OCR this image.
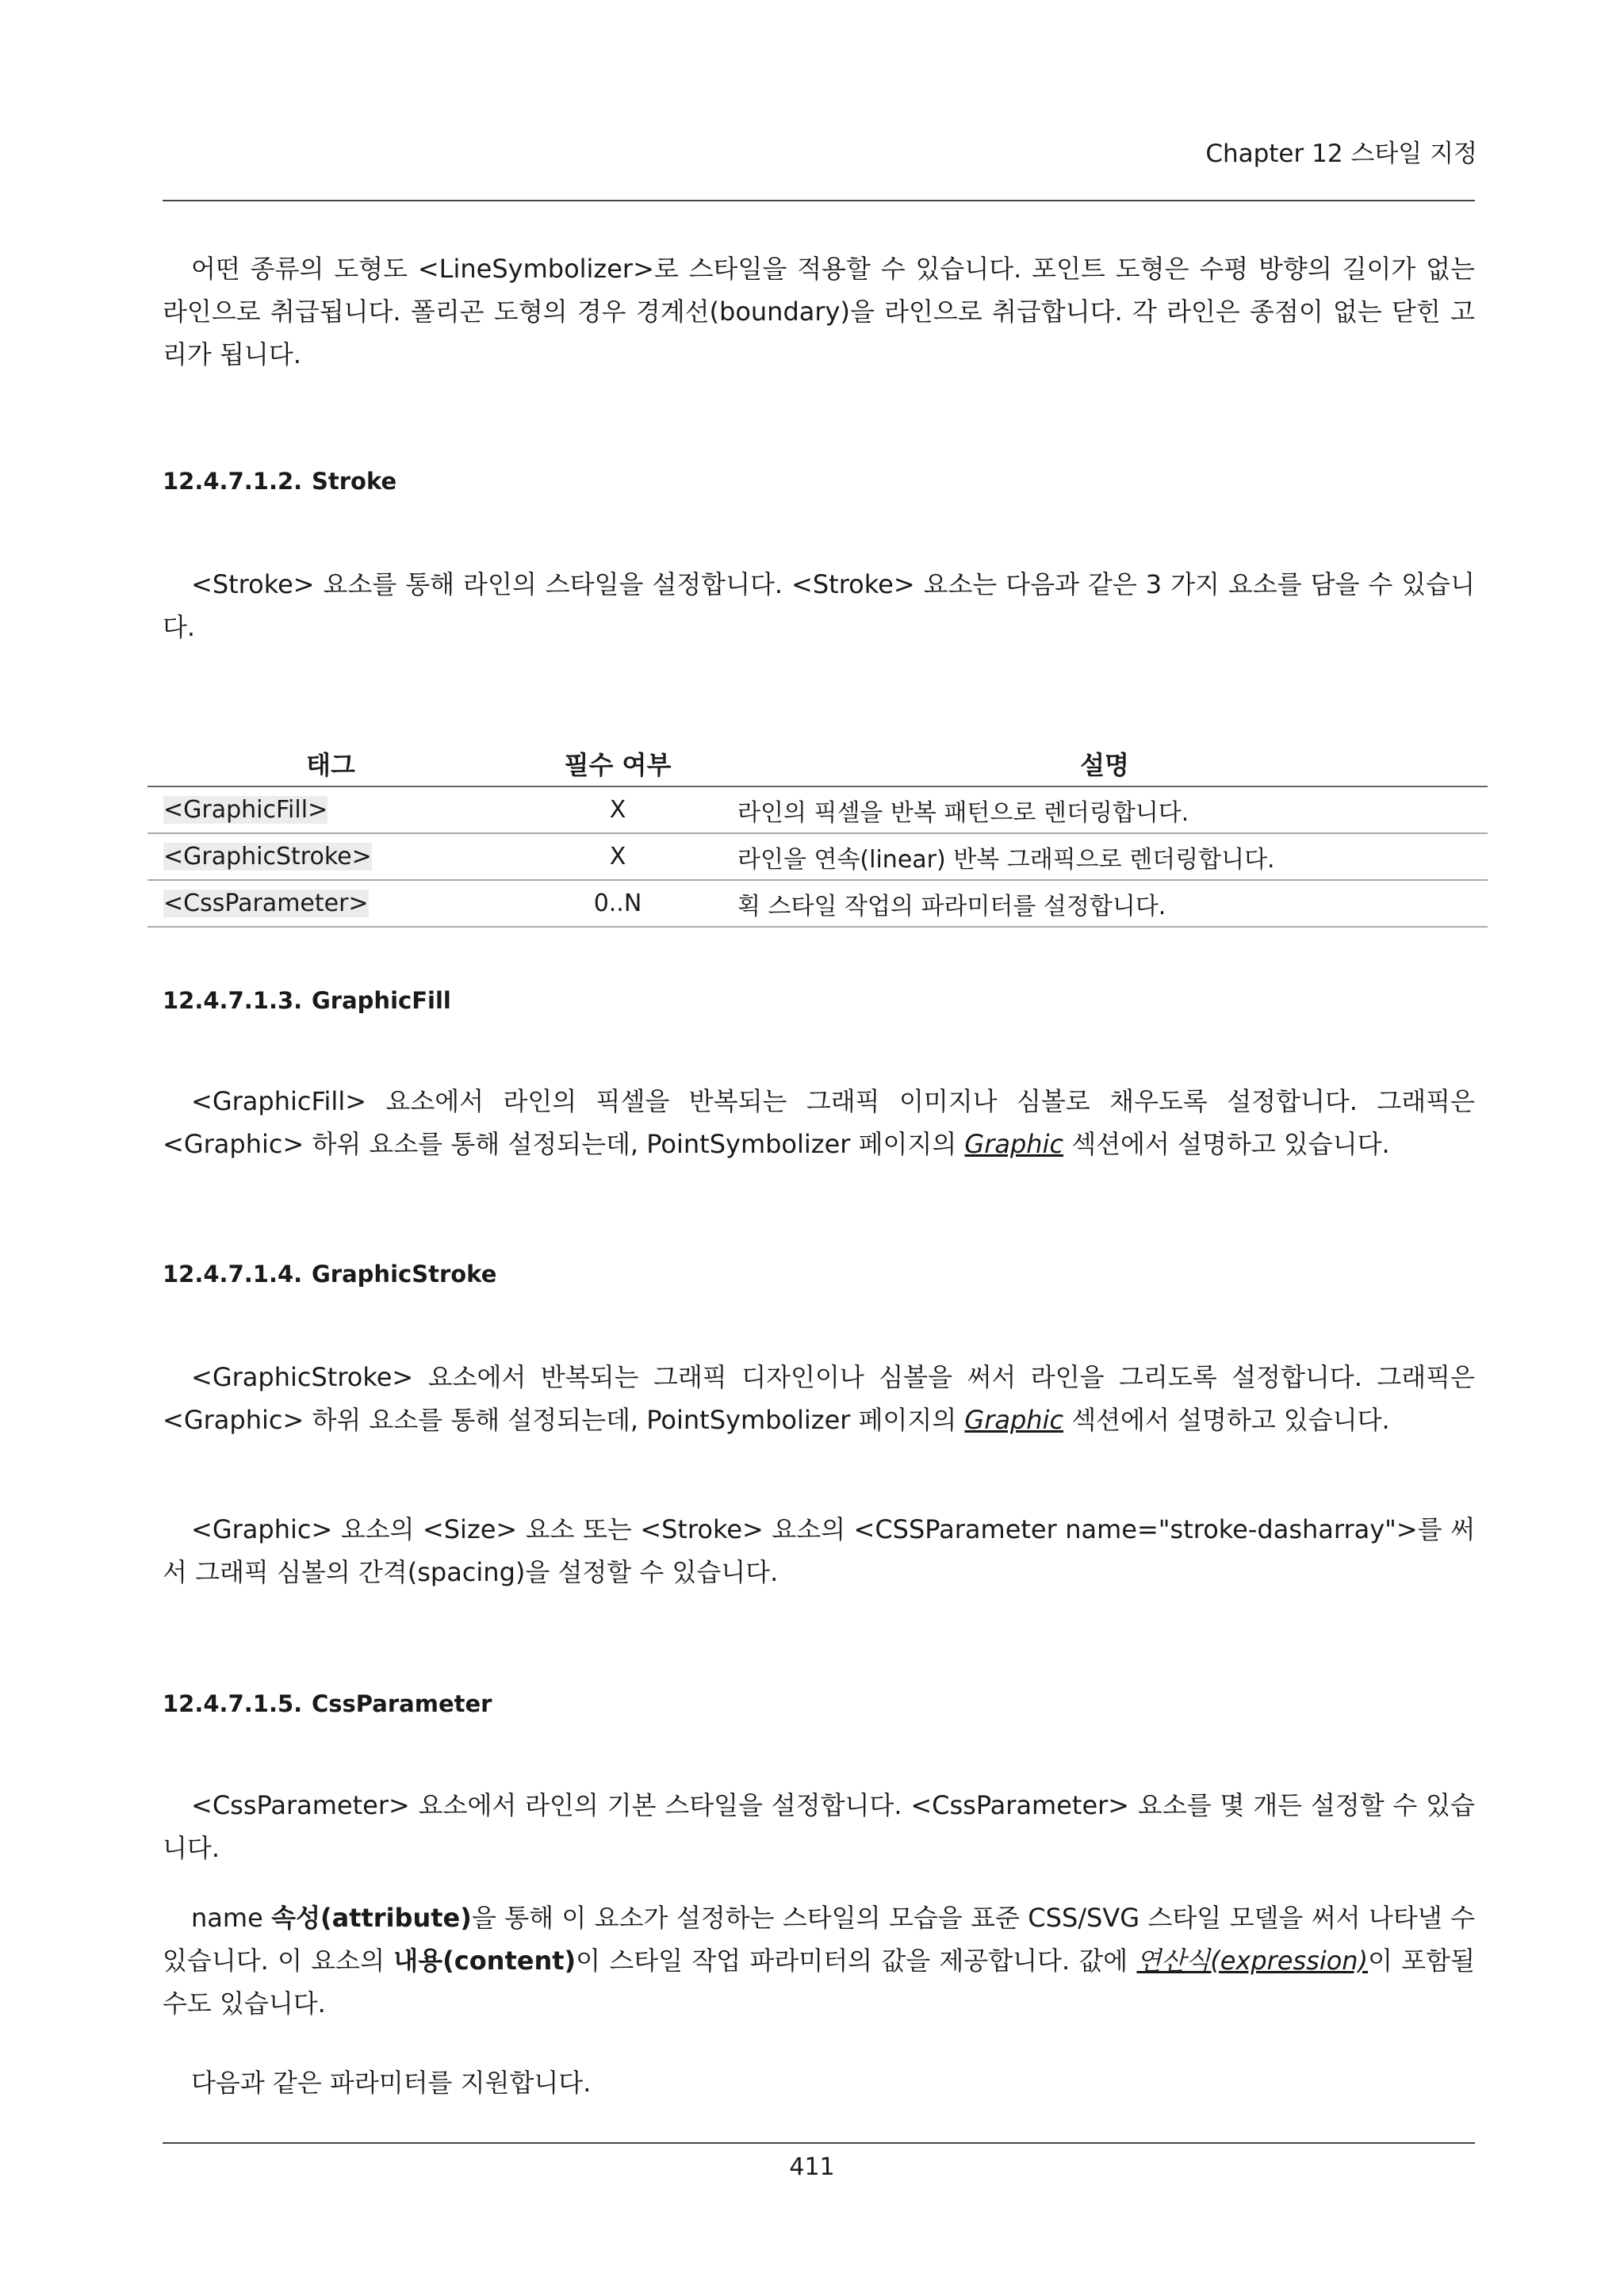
Chapter 12 스타일 지정

어떤 종류의 도형도 <LineSymbolizer>로 스타일을 적용할 수 있습니다. 포인트 도형은 수평 방향의 길이가 없는 라인으로 취급됩니다. 폴리곤 도형의 경우 경계선(boundary)을 라인으로 취급합니다. 각 라인은 종점이 없는 닫힌 고리가 됩니다.

12.4.7.1.2. Stroke

<Stroke> 요소를 통해 라인의 스타일을 설정합니다. <Stroke> 요소는 다음과 같은 3 가지 요소를 담을 수 있습니다.

태그	필수 여부	설명
<GraphicFill>	X	라인의 픽셀을 반복 패턴으로 렌더링합니다.
<GraphicStroke>	X	라인을 연속(linear) 반복 그래픽으로 렌더링합니다.
<CssParameter>	0..N	획 스타일 작업의 파라미터를 설정합니다.
12.4.7.1.3. GraphicFill

<GraphicFill> 요소에서 라인의 픽셀을 반복되는 그래픽 이미지나 심볼로 채우도록 설정합니다. 그래픽은 <Graphic> 하위 요소를 통해 설정되는데, PointSymbolizer 페이지의 Graphic 섹션에서 설명하고 있습니다.

12.4.7.1.4. GraphicStroke

<GraphicStroke> 요소에서 반복되는 그래픽 디자인이나 심볼을 써서 라인을 그리도록 설정합니다. 그래픽은 <Graphic> 하위 요소를 통해 설정되는데, PointSymbolizer 페이지의 Graphic 섹션에서 설명하고 있습니다.

<Graphic> 요소의 <Size> 요소 또는 <Stroke> 요소의 <CSSParameter name="stroke-dasharray">를 써서 그래픽 심볼의 간격(spacing)을 설정할 수 있습니다.

12.4.7.1.5. CssParameter

<CssParameter> 요소에서 라인의 기본 스타일을 설정합니다. <CssParameter> 요소를 몇 개든 설정할 수 있습니다.

name 속성(attribute)을 통해 이 요소가 설정하는 스타일의 모습을 표준 CSS/SVG 스타일 모델을 써서 나타낼 수 있습니다. 이 요소의 내용(content)이 스타일 작업 파라미터의 값을 제공합니다. 값에 연산식(expression)이 포함될 수도 있습니다.

다음과 같은 파라미터를 지원합니다.

411
